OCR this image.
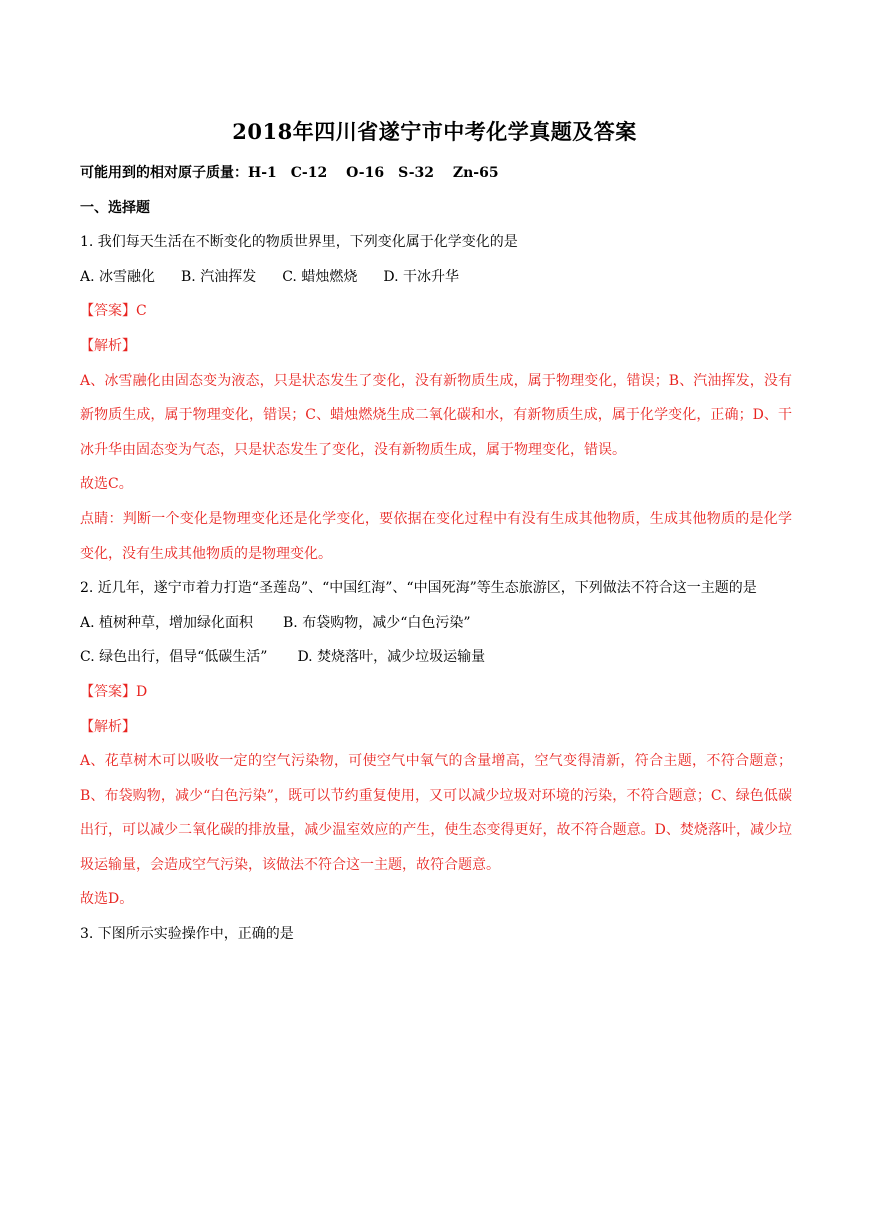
2018年四川省遂宁市中考化学真题及答案
可能用到的相对原子质量：H-1　C-12　 O-16　S-32　 Zn-65
一、选择题
1. 我们每天生活在不断变化的物质世界里，下列变化属于化学变化的是
A. 冰雪融化 B. 汽油挥发 C. 蜡烛燃烧 D. 干冰升华
【答案】C
【解析】
A、冰雪融化由固态变为液态，只是状态发生了变化，没有新物质生成，属于物理变化，错误；B、汽油挥发，没有新物质生成，属于物理变化，错误；C、蜡烛燃烧生成二氧化碳和水，有新物质生成，属于化学变化，正确；D、干冰升华由固态变为气态，只是状态发生了变化，没有新物质生成，属于物理变化，错误。
故选C。
点睛：判断一个变化是物理变化还是化学变化，要依据在变化过程中有没有生成其他物质，生成其他物质的是化学变化，没有生成其他物质的是物理变化。
2. 近几年，遂宁市着力打造“圣莲岛”、“中国红海”、“中国死海”等生态旅游区，下列做法不符合这一主题的是
A. 植树种草，增加绿化面积 B. 布袋购物，减少“白色污染”
C. 绿色出行，倡导“低碳生活” D. 焚烧落叶，减少垃圾运输量
【答案】D
【解析】
A、花草树木可以吸收一定的空气污染物，可使空气中氧气的含量增高，空气变得清新，符合主题，不符合题意；B、布袋购物，减少“白色污染”，既可以节约重复使用，又可以减少垃圾对环境的污染，不符合题意；C、绿色低碳出行，可以减少二氧化碳的排放量，减少温室效应的产生，使生态变得更好，故不符合题意。D、焚烧落叶，减少垃圾运输量，会造成空气污染，该做法不符合这一主题，故符合题意。
故选D。
3. 下图所示实验操作中，正确的是
